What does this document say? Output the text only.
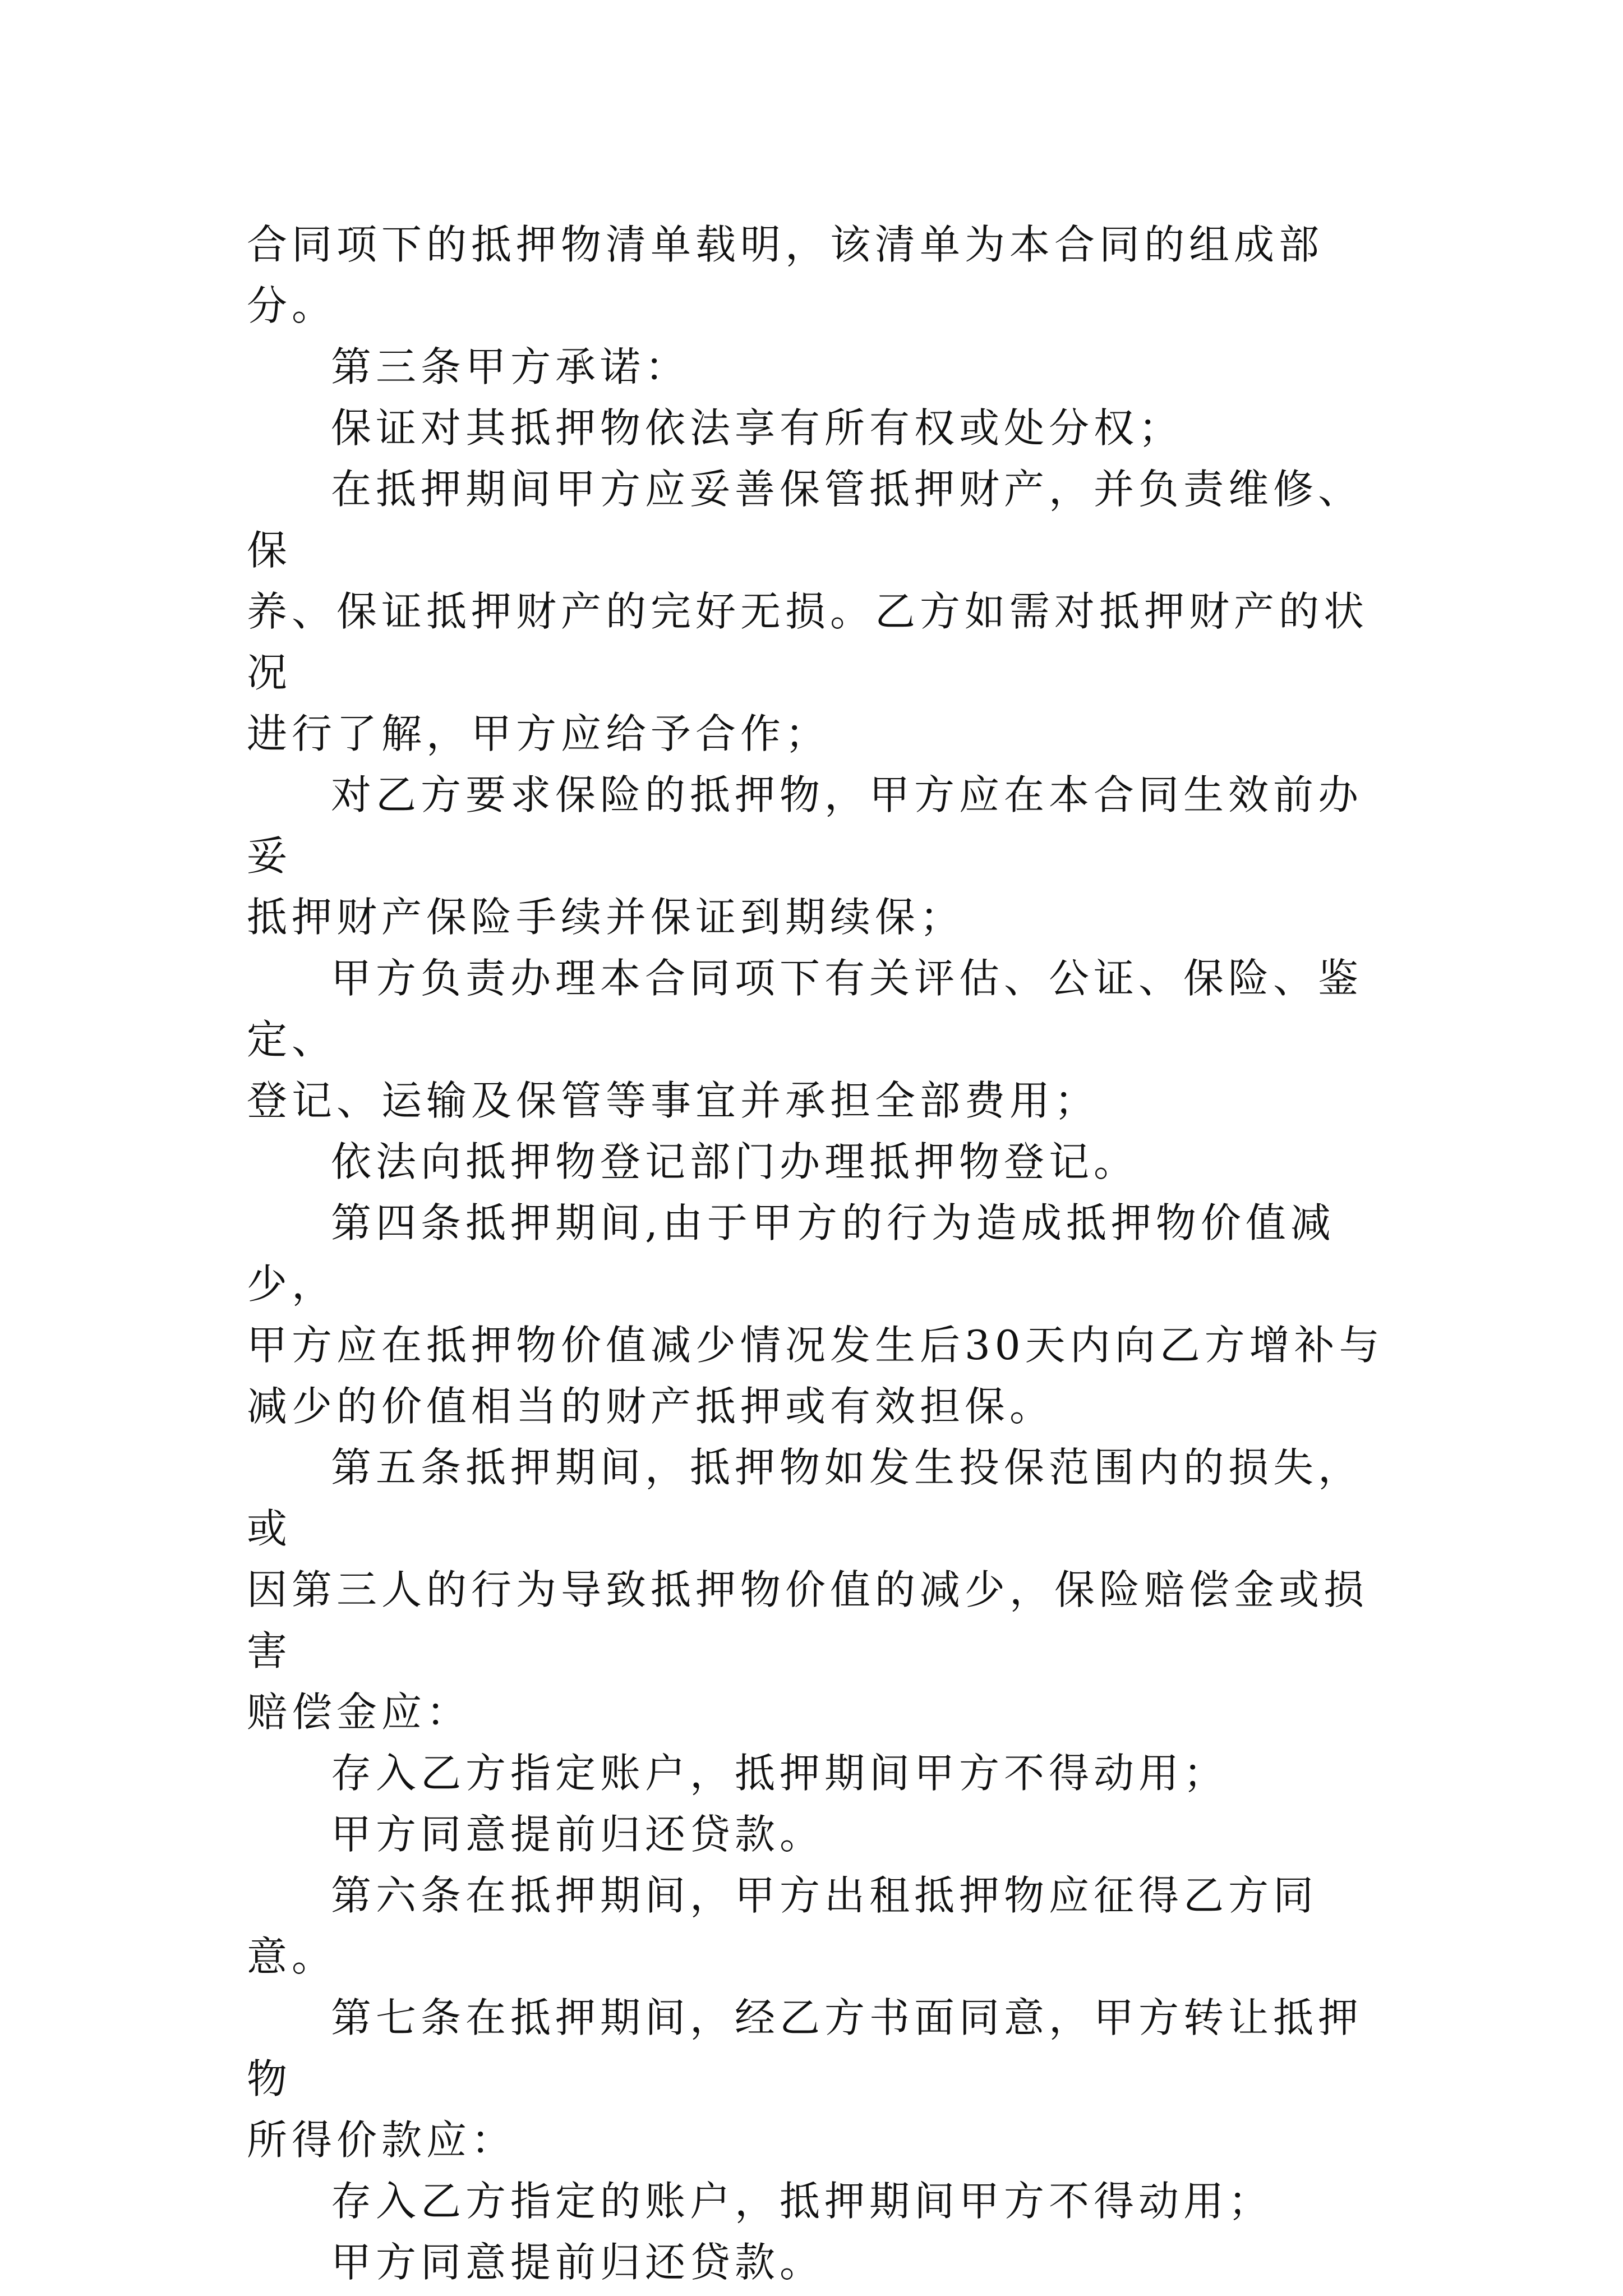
合同项下的抵押物清单载明，该清单为本合同的组成部分。

第三条甲方承诺：

保证对其抵押物依法享有所有权或处分权；

在抵押期间甲方应妥善保管抵押财产，并负责维修、保
养、保证抵押财产的完好无损。乙方如需对抵押财产的状况
进行了解，甲方应给予合作；

对乙方要求保险的抵押物，甲方应在本合同生效前办妥
抵押财产保险手续并保证到期续保；

甲方负责办理本合同项下有关评估、公证、保险、鉴定、
登记、运输及保管等事宜并承担全部费用；

依法向抵押物登记部门办理抵押物登记。

第四条抵押期间,由于甲方的行为造成抵押物价值减少，
甲方应在抵押物价值减少情况发生后30天内向乙方增补与
减少的价值相当的财产抵押或有效担保。

第五条抵押期间，抵押物如发生投保范围内的损失，或
因第三人的行为导致抵押物价值的减少，保险赔偿金或损害
赔偿金应：

存入乙方指定账户，抵押期间甲方不得动用；

甲方同意提前归还贷款。

第六条在抵押期间，甲方出租抵押物应征得乙方同意。

第七条在抵押期间，经乙方书面同意，甲方转让抵押物
所得价款应：

存入乙方指定的账户，抵押期间甲方不得动用；

甲方同意提前归还贷款。
